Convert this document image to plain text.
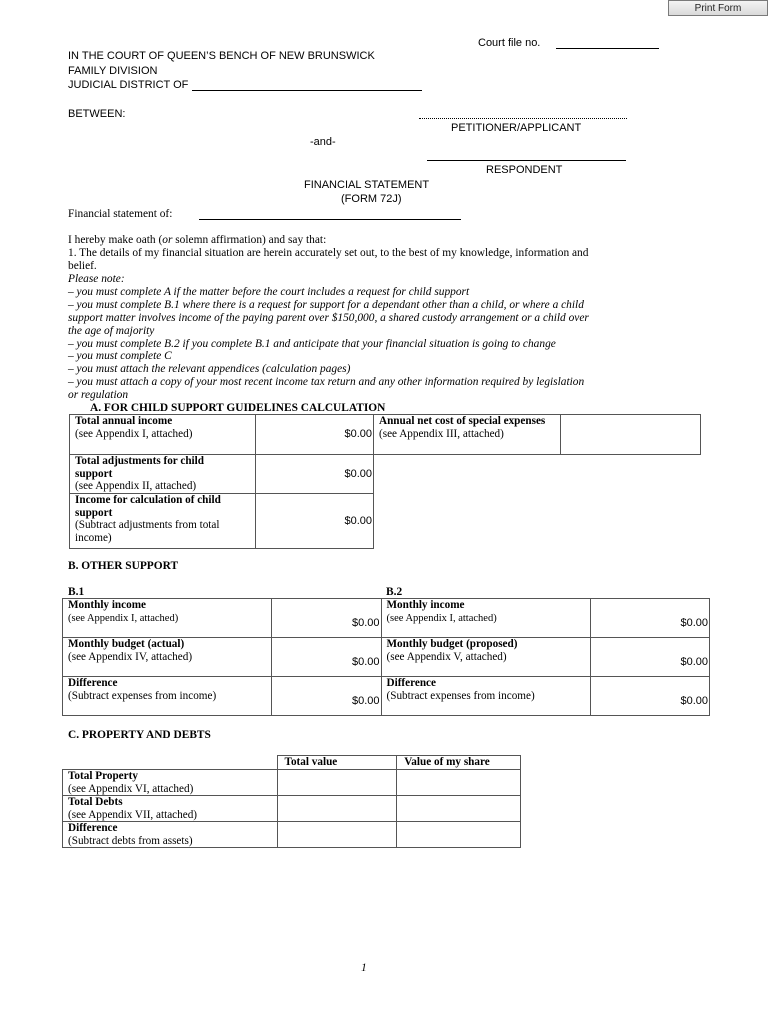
Print Form
Court file no.
IN THE COURT OF QUEEN’S BENCH OF NEW BRUNSWICK
FAMILY DIVISION
JUDICIAL DISTRICT OF
BETWEEN:
PETITIONER/APPLICANT
-and-
RESPONDENT
FINANCIAL STATEMENT
(FORM 72J)
Financial statement of:
I hereby make oath (or solemn affirmation) and say that:
1. The details of my financial situation are herein accurately set out, to the best of my knowledge, information and
belief.
Please note:
– you must complete A if the matter before the court includes a request for child support
– you must complete B.1 where there is a request for support for a dependant other than a child, or where a child
support matter involves income of the paying parent over $150,000, a shared custody arrangement or a child over
the age of majority
– you must complete B.2 if you complete B.1 and anticipate that your financial situation is going to change
– you must complete C
– you must attach the relevant appendices (calculation pages)
– you must attach a copy of your most recent income tax return and any other information required by legislation
or regulation
A. FOR CHILD SUPPORT GUIDELINES CALCULATION
Total annual income
(see Appendix I, attached)	$0.00
Total adjustments for child support
(see Appendix II, attached)	$0.00
Income for calculation of child support
(Subtract adjustments from total income)	$0.00
Annual net cost of special expenses
(see Appendix III, attached)	
B. OTHER SUPPORT
B.1	B.2
Monthly income
(see Appendix I, attached)	$0.00	Monthly income
(see Appendix I, attached)	$0.00
Monthly budget (actual)
(see Appendix IV, attached)	$0.00	Monthly budget (proposed)
(see Appendix V, attached)	$0.00
Difference
(Subtract expenses from income)	$0.00	Difference
(Subtract expenses from income)	$0.00
C. PROPERTY AND DEBTS
	Total value	Value of my share
Total Property
(see Appendix VI, attached)		
Total Debts
(see Appendix VII, attached)		
Difference
(Subtract debts from assets)		
1
